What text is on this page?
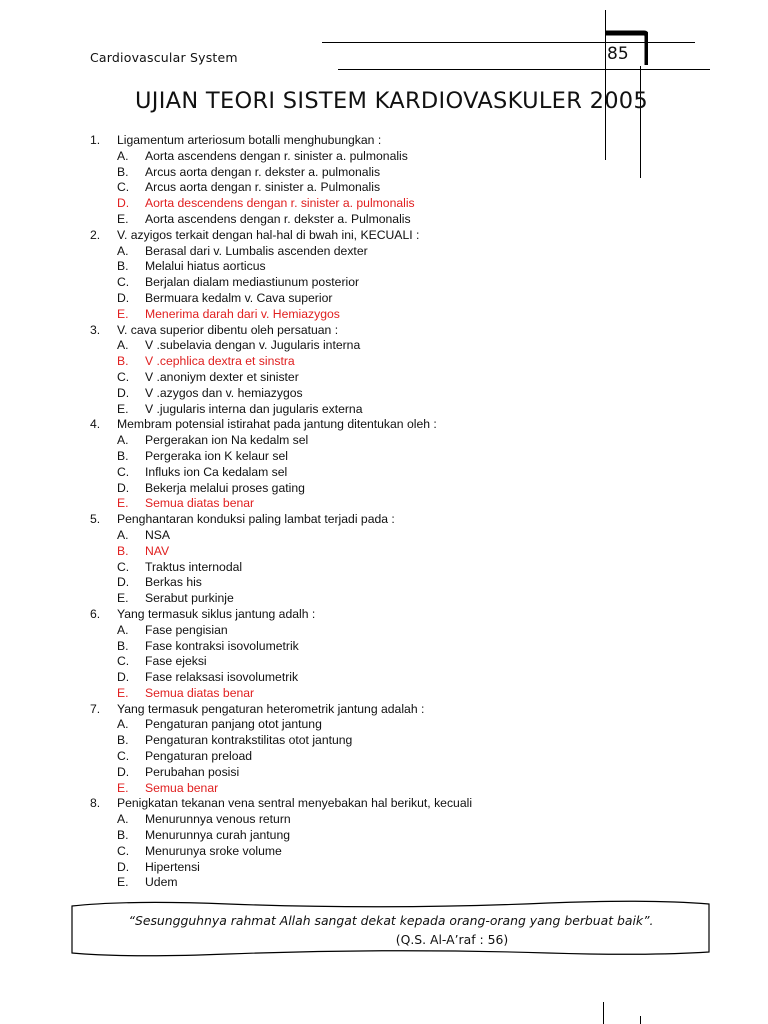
Cardiovascular System	85
UJIAN TEORI SISTEM KARDIOVASKULER 2005
1. Ligamentum arteriosum botalli menghubungkan :
A. Aorta ascendens dengan r. sinister a. pulmonalis
B. Arcus aorta dengan r. dekster a. pulmonalis
C. Arcus aorta dengan r. sinister a. Pulmonalis
D. Aorta descendens dengan r. sinister a. pulmonalis
E. Aorta ascendens dengan r. dekster a. Pulmonalis
2. V. azyigos terkait dengan hal-hal di bwah ini, KECUALI :
A. Berasal dari v. Lumbalis ascenden dexter
B. Melalui hiatus aorticus
C. Berjalan dialam mediastiunum posterior
D. Bermuara kedalm v. Cava superior
E. Menerima darah dari v. Hemiazygos
3. V. cava superior dibentu oleh persatuan :
A. V .subelavia dengan v. Jugularis interna
B. V .cephlica dextra et sinstra
C. V .anoniym dexter et sinister
D. V .azygos dan v. hemiazygos
E. V .jugularis interna dan jugularis externa
4. Membram potensial istirahat pada jantung ditentukan oleh :
A. Pergerakan ion Na kedalm sel
B. Pergeraka ion K kelaur sel
C. Influks ion Ca kedalam sel
D. Bekerja melalui proses gating
E. Semua diatas benar
5. Penghantaran konduksi paling lambat terjadi pada :
A. NSA
B. NAV
C. Traktus internodal
D. Berkas his
E. Serabut purkinje
6. Yang termasuk siklus jantung adalh :
A. Fase pengisian
B. Fase kontraksi isovolumetrik
C. Fase ejeksi
D. Fase relaksasi isovolumetrik
E. Semua diatas benar
7. Yang termasuk pengaturan heterometrik jantung adalah :
A. Pengaturan panjang otot jantung
B. Pengaturan kontrakstilitas otot jantung
C. Pengaturan preload
D. Perubahan posisi
E. Semua benar
8. Penigkatan tekanan vena sentral menyebakan hal berikut, kecuali
A. Menurunnya venous return
B. Menurunnya curah jantung
C. Menurunya sroke volume
D. Hipertensi
E. Udem
“Sesungguhnya rahmat Allah sangat dekat kepada orang-orang yang berbuat baik”.
(Q.S. Al-A’raf : 56)
